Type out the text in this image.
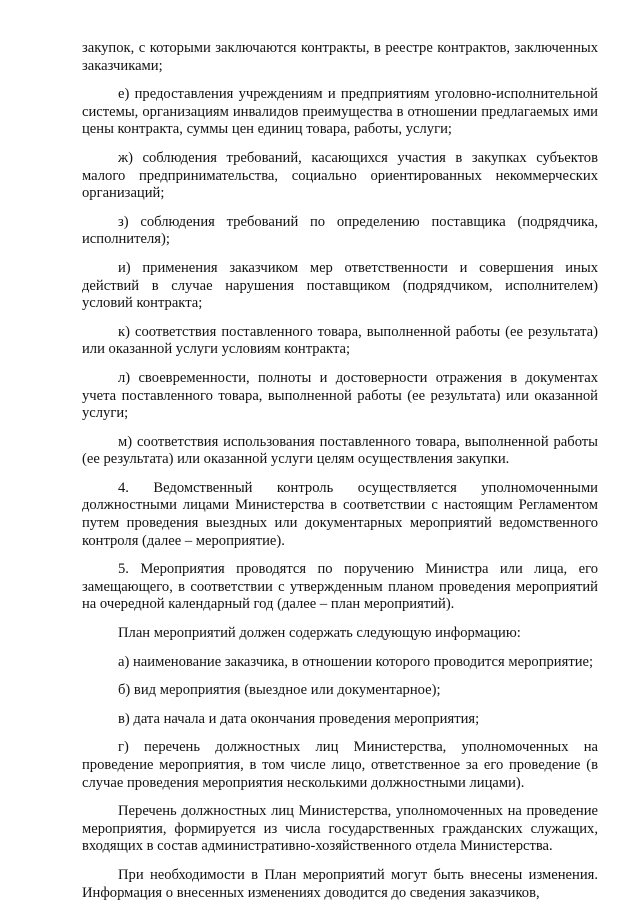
закупок, с которыми заключаются контракты, в реестре контрактов, заключенных заказчиками;

е) предоставления учреждениям и предприятиям уголовно-исполнительной системы, организациям инвалидов преимущества в отношении предлагаемых ими цены контракта, суммы цен единиц товара, работы, услуги;

ж) соблюдения требований, касающихся участия в закупках субъектов малого предпринимательства, социально ориентированных некоммерческих организаций;

з) соблюдения требований по определению поставщика (подрядчика, исполнителя);

и) применения заказчиком мер ответственности и совершения иных действий в случае нарушения поставщиком (подрядчиком, исполнителем) условий контракта;

к) соответствия поставленного товара, выполненной работы (ее результата) или оказанной услуги условиям контракта;

л) своевременности, полноты и достоверности отражения в документах учета поставленного товара, выполненной работы (ее результата) или оказанной услуги;

м) соответствия использования поставленного товара, выполненной работы (ее результата) или оказанной услуги целям осуществления закупки.

4. Ведомственный контроль осуществляется уполномоченными должностными лицами Министерства в соответствии с настоящим Регламентом путем проведения выездных или документарных мероприятий ведомственного контроля (далее – мероприятие).

5. Мероприятия проводятся по поручению Министра или лица, его замещающего, в соответствии с утвержденным планом проведения мероприятий на очередной календарный год (далее – план мероприятий).

План мероприятий должен содержать следующую информацию:

а) наименование заказчика, в отношении которого проводится мероприятие;

б) вид мероприятия (выездное или документарное);

в) дата начала и дата окончания проведения мероприятия;

г) перечень должностных лиц Министерства, уполномоченных на проведение мероприятия, в том числе лицо, ответственное за его проведение (в случае проведения мероприятия несколькими должностными лицами).

Перечень должностных лиц Министерства, уполномоченных на проведение мероприятия, формируется из числа государственных гражданских служащих, входящих в состав административно-хозяйственного отдела Министерства.

При необходимости в План мероприятий могут быть внесены изменения. Информация о внесенных изменениях доводится до сведения заказчиков,
